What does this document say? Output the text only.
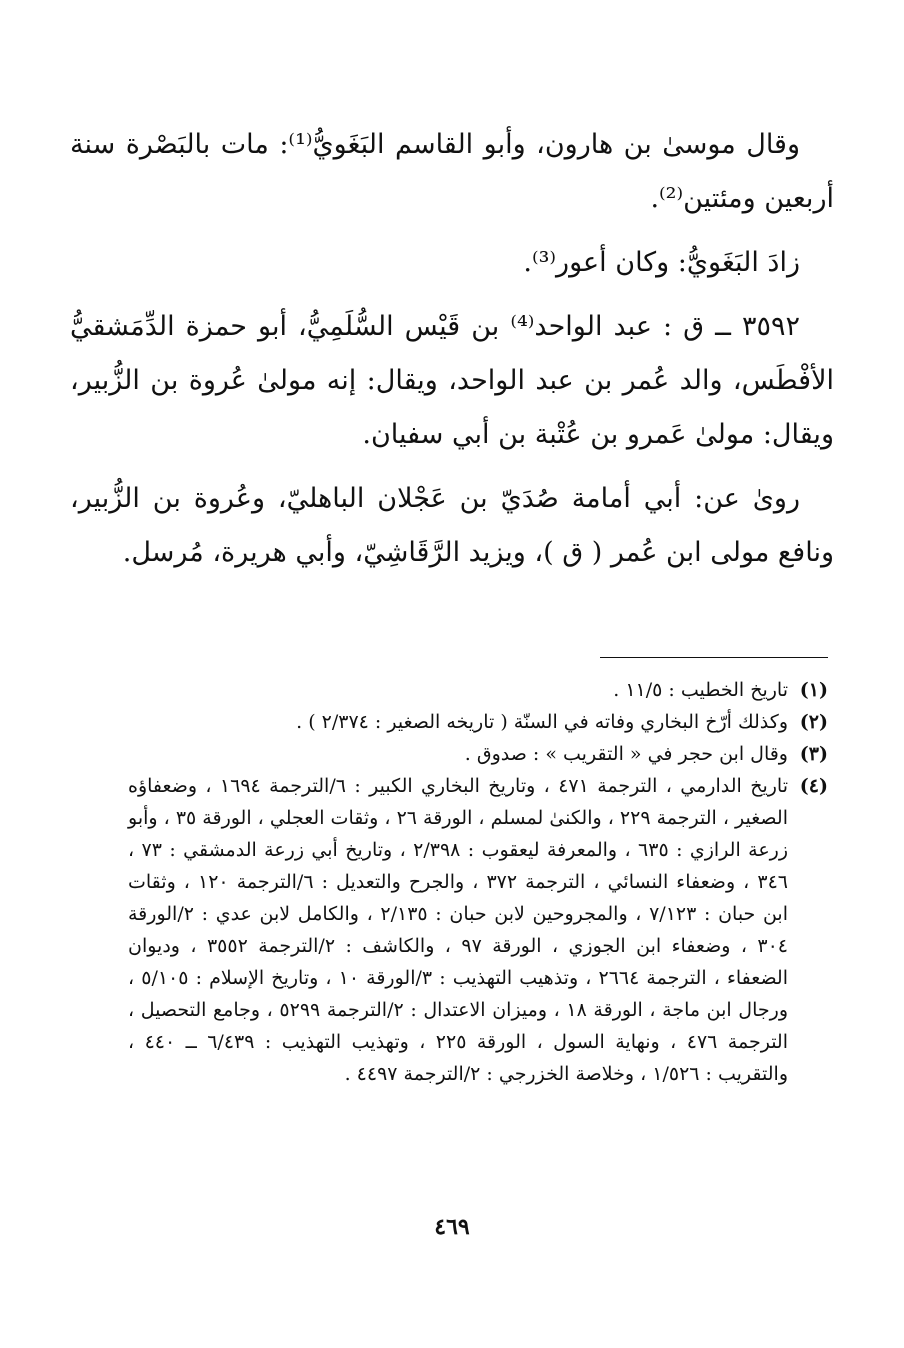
وقال موسىٰ بن هارون، وأبو القاسم البَغَويُّ⁽¹⁾: مات بالبَصْرة سنة أربعين ومئتين⁽²⁾.

زادَ البَغَويُّ: وكان أعور⁽³⁾.

٣٥٩٢ ــ ق : عبد الواحد⁽⁴⁾ بن قَيْس السُّلَمِيُّ، أبو حمزة الدِّمَشقيُّ الأفْطَس، والد عُمر بن عبد الواحد، ويقال: إنه مولىٰ عُروة بن الزُّبير، ويقال: مولىٰ عَمرو بن عُتْبة بن أبي سفيان.

روىٰ عن: أبي أمامة صُدَيّ بن عَجْلان الباهليّ، وعُروة بن الزُّبير، ونافع مولى ابن عُمر ( ق )، ويزيد الرَّقَاشِيّ، وأبي هريرة، مُرسل.

(١)
تاريخ الخطيب : ١١/٥ .
(٢)
وكذلك أرّخ البخاري وفاته في السنّة ( تاريخه الصغير : ٢/٣٧٤ ) .
(٣)
وقال ابن حجر في « التقريب » : صدوق .
(٤)
تاريخ الدارمي ، الترجمة ٤٧١ ، وتاريخ البخاري الكبير : ٦/الترجمة ١٦٩٤ ، وضعفاؤه الصغير ، الترجمة ٢٢٩ ، والكنىٰ لمسلم ، الورقة ٢٦ ، وثقات العجلي ، الورقة ٣٥ ، وأبو زرعة الرازي : ٦٣٥ ، والمعرفة ليعقوب : ٢/٣٩٨ ، وتاريخ أبي زرعة الدمشقي : ٧٣ ، ٣٤٦ ، وضعفاء النسائي ، الترجمة ٣٧٢ ، والجرح والتعديل : ٦/الترجمة ١٢٠ ، وثقات ابن حبان : ٧/١٢٣ ، والمجروحين لابن حبان : ٢/١٣٥ ، والكامل لابن عدي : ٢/الورقة ٣٠٤ ، وضعفاء ابن الجوزي ، الورقة ٩٧ ، والكاشف : ٢/الترجمة ٣٥٥٢ ، وديوان الضعفاء ، الترجمة ٢٦٦٤ ، وتذهيب التهذيب : ٣/الورقة ١٠ ، وتاريخ الإسلام : ٥/١٠٥ ، ورجال ابن ماجة ، الورقة ١٨ ، وميزان الاعتدال : ٢/الترجمة ٥٢٩٩ ، وجامع التحصيل ، الترجمة ٤٧٦ ، ونهاية السول ، الورقة ٢٢٥ ، وتهذيب التهذيب : ٦/٤٣٩ ــ ٤٤٠ ، والتقريب : ١/٥٢٦ ، وخلاصة الخزرجي : ٢/الترجمة ٤٤٩٧ .
٤٦٩
